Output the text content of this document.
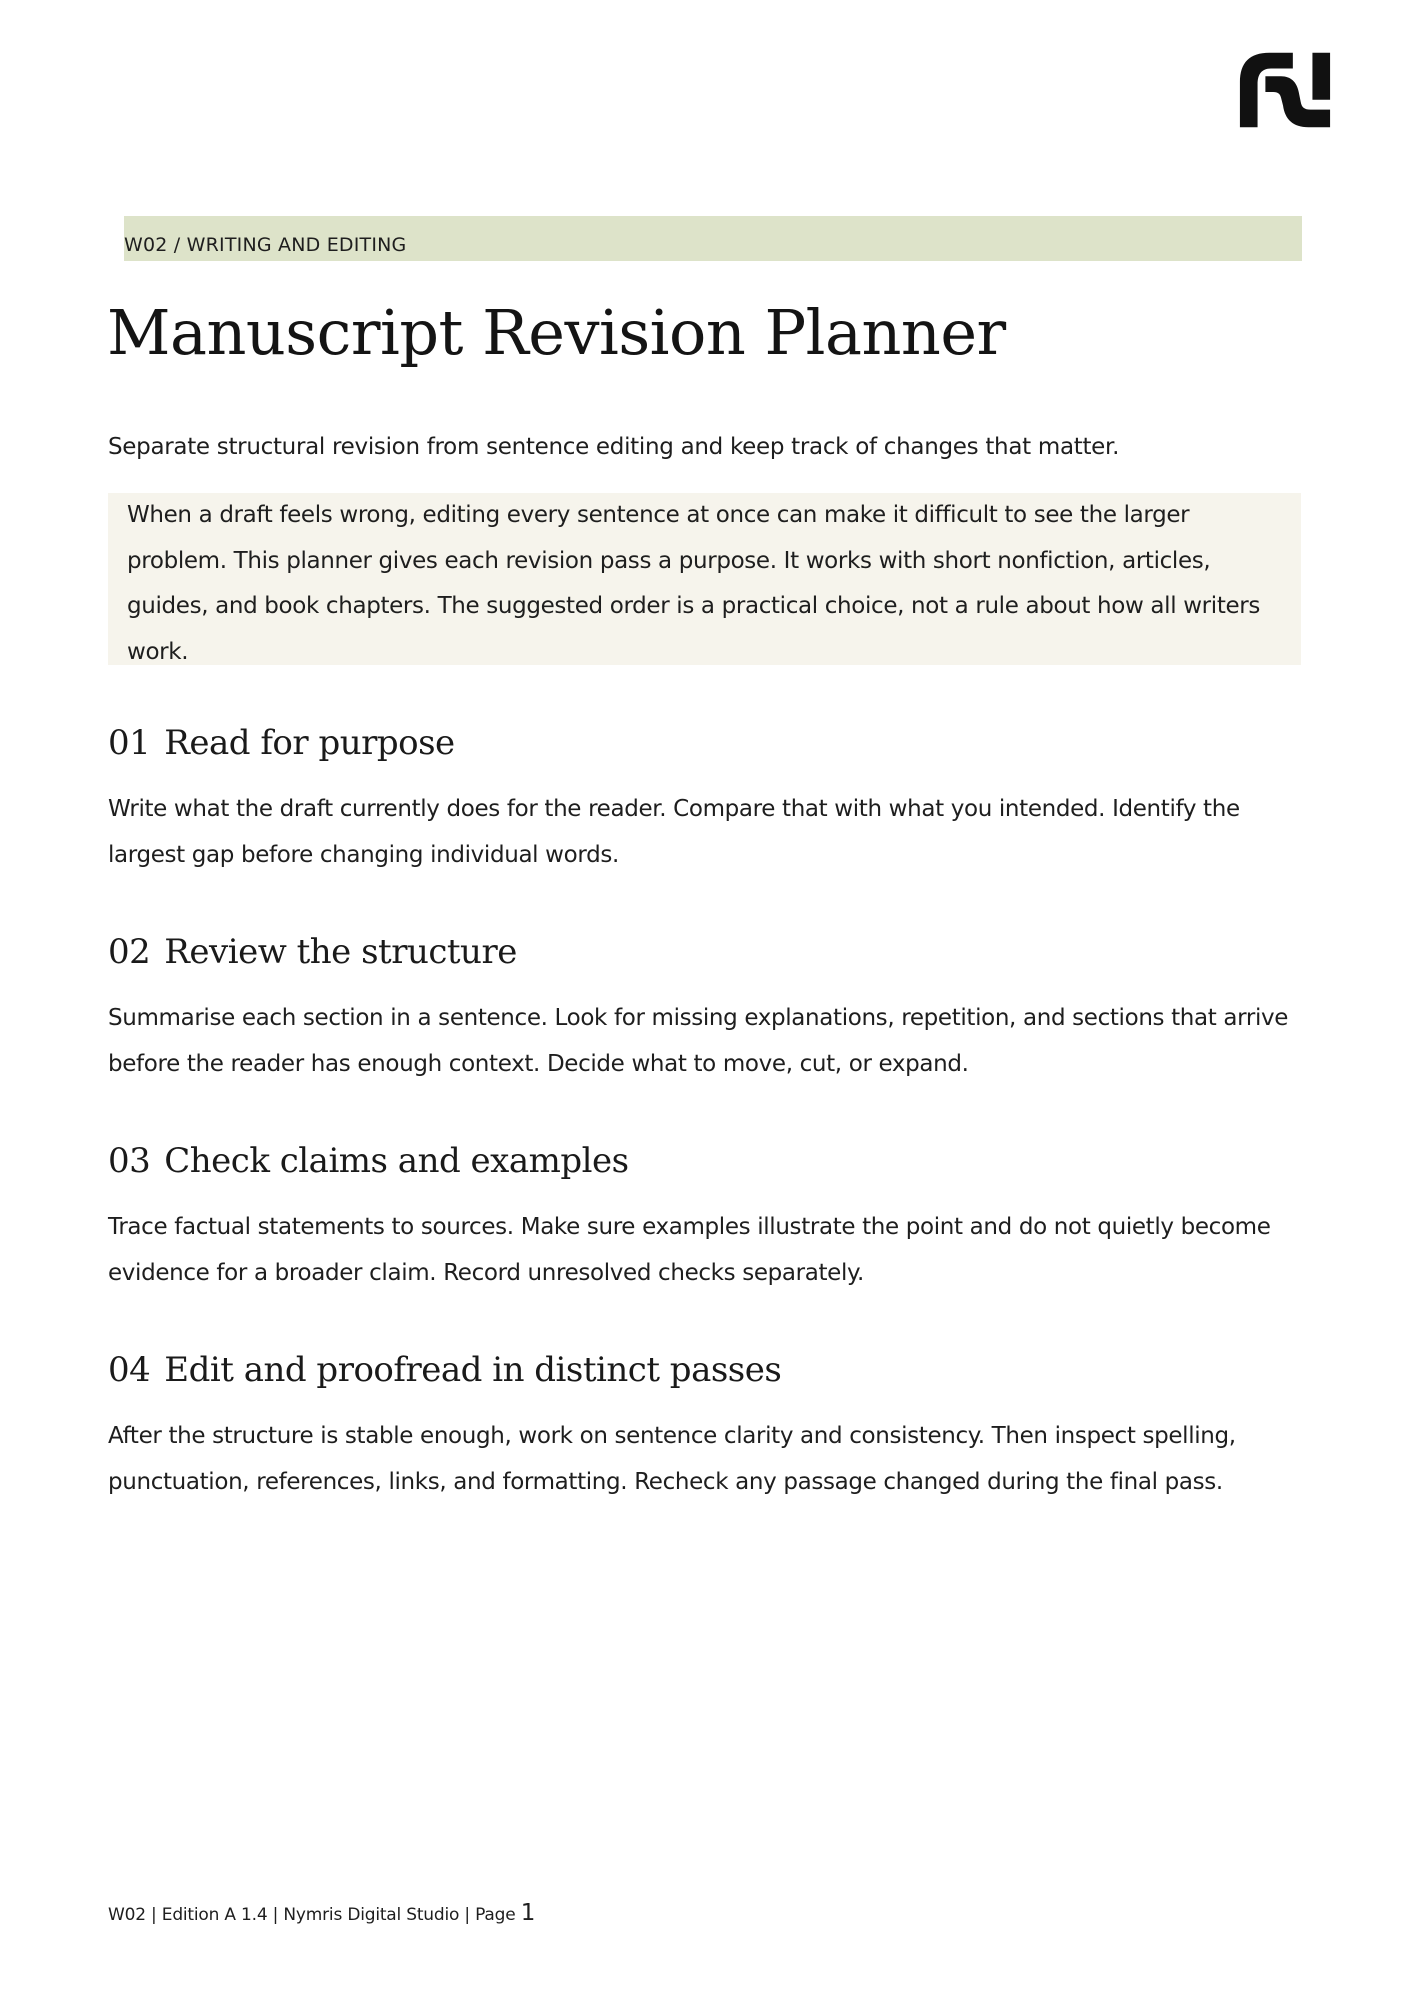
W02 / WRITING AND EDITING
Manuscript Revision Planner

Separate structural revision from sentence editing and keep track of changes that matter.

When a draft feels wrong, editing every sentence at once can make it difficult to see the larger problem. This planner gives each revision pass a purpose. It works with short nonfiction, articles, guides, and book chapters. The suggested order is a practical choice, not a rule about how all writers work.

01 Read for purpose

Write what the draft currently does for the reader. Compare that with what you intended. Identify the largest gap before changing individual words.

02 Review the structure

Summarise each section in a sentence. Look for missing explanations, repetition, and sections that arrive before the reader has enough context. Decide what to move, cut, or expand.

03 Check claims and examples

Trace factual statements to sources. Make sure examples illustrate the point and do not quietly become evidence for a broader claim. Record unresolved checks separately.

04 Edit and proofread in distinct passes

After the structure is stable enough, work on sentence clarity and consistency. Then inspect spelling, punctuation, references, links, and formatting. Recheck any passage changed during the final pass.

W02 | Edition A 1.4 | Nymris Digital Studio | Page 1
